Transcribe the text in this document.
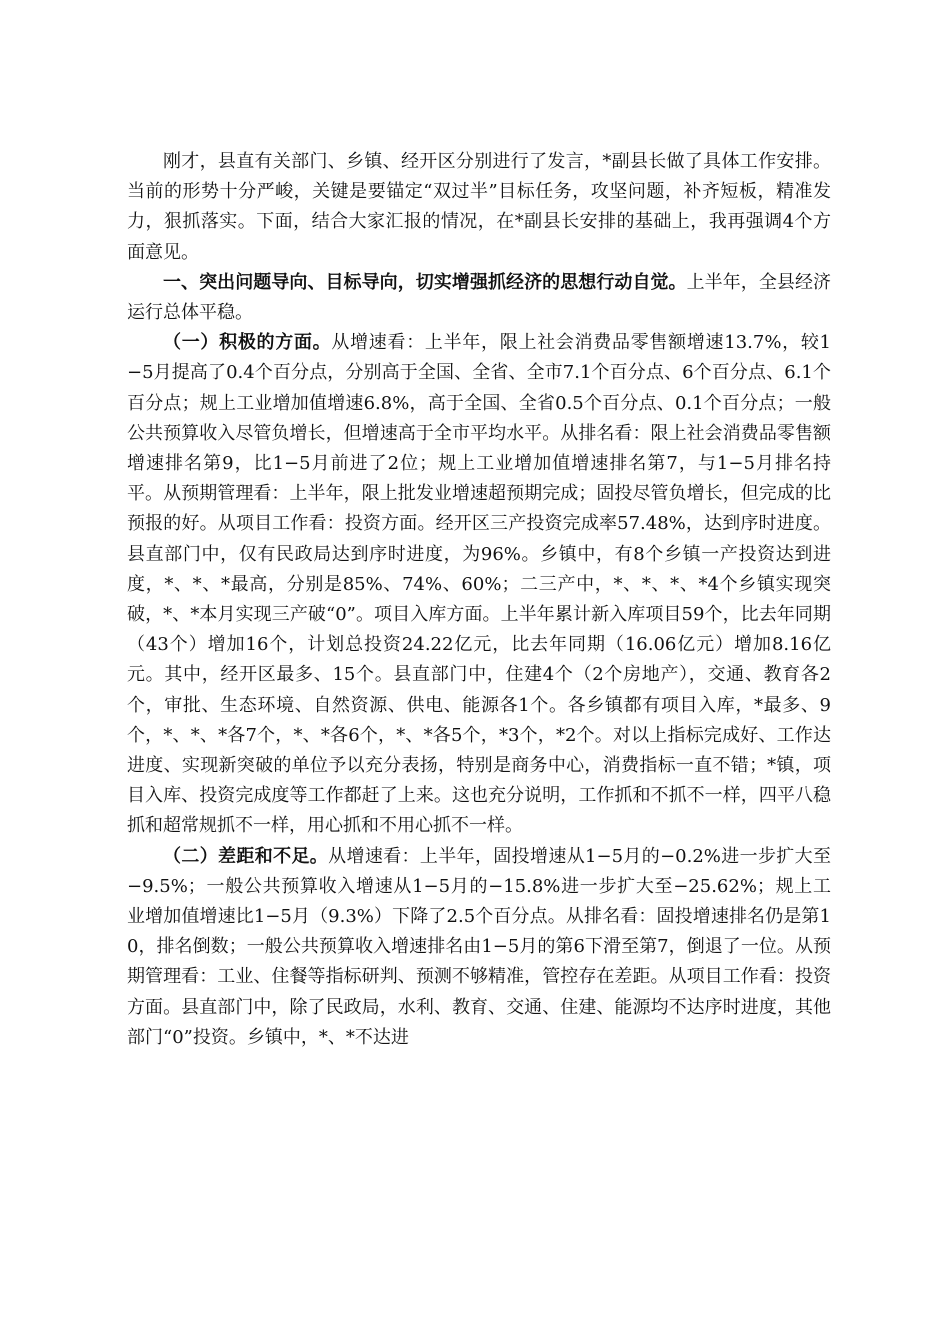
刚才，县直有关部门、乡镇、经开区分别进行了发言，*副县长做了具体工作安排。当前的形势十分严峻，关键是要锚定“双过半”目标任务，攻坚问题，补齐短板，精准发力，狠抓落实。下面，结合大家汇报的情况，在*副县长安排的基础上，我再强调4个方面意见。

一、突出问题导向、目标导向，切实增强抓经济的思想行动自觉。上半年，全县经济运行总体平稳。

（一）积极的方面。从增速看：上半年，限上社会消费品零售额增速13.7%，较1−5月提高了0.4个百分点，分别高于全国、全省、全市7.1个百分点、6个百分点、6.1个百分点；规上工业增加值增速6.8%，高于全国、全省0.5个百分点、0.1个百分点；一般公共预算收入尽管负增长，但增速高于全市平均水平。从排名看：限上社会消费品零售额增速排名第9，比1−5月前进了2位；规上工业增加值增速排名第7，与1−5月排名持平。从预期管理看：上半年，限上批发业增速超预期完成；固投尽管负增长，但完成的比预报的好。从项目工作看：投资方面。经开区三产投资完成率57.48%，达到序时进度。县直部门中，仅有民政局达到序时进度，为96%。乡镇中，有8个乡镇一产投资达到进度，*、*、*最高，分别是85%、74%、60%；二三产中，*、*、*、*4个乡镇实现突破，*、*本月实现三产破“0”。项目入库方面。上半年累计新入库项目59个，比去年同期（43个）增加16个，计划总投资24.22亿元，比去年同期（16.06亿元）增加8.16亿元。其中，经开区最多、15个。县直部门中，住建4个（2个房地产），交通、教育各2个，审批、生态环境、自然资源、供电、能源各1个。各乡镇都有项目入库，*最多、9个，*、*、*各7个，*、*各6个，*、*各5个，*3个，*2个。对以上指标完成好、工作达进度、实现新突破的单位予以充分表扬，特别是商务中心，消费指标一直不错；*镇，项目入库、投资完成度等工作都赶了上来。这也充分说明，工作抓和不抓不一样，四平八稳抓和超常规抓不一样，用心抓和不用心抓不一样。

（二）差距和不足。从增速看：上半年，固投增速从1−5月的−0.2%进一步扩大至−9.5%；一般公共预算收入增速从1−5月的−15.8%进一步扩大至−25.62%；规上工业增加值增速比1−5月（9.3%）下降了2.5个百分点。从排名看：固投增速排名仍是第10，排名倒数；一般公共预算收入增速排名由1−5月的第6下滑至第7，倒退了一位。从预期管理看：工业、住餐等指标研判、预测不够精准，管控存在差距。从项目工作看：投资方面。县直部门中，除了民政局，水利、教育、交通、住建、能源均不达序时进度，其他部门“0”投资。乡镇中，*、*不达进
